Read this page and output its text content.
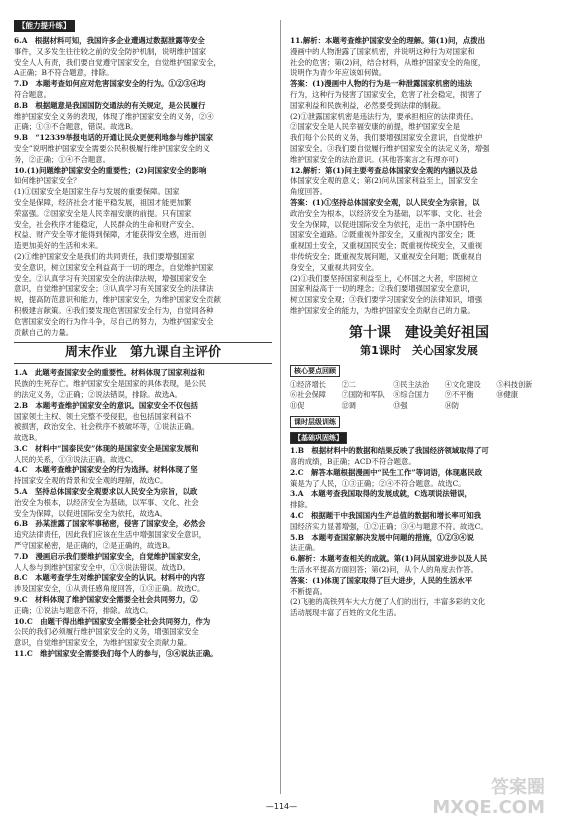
【能力提升练】

6.A　根据材料可知，我国许多企业遭遇过数据泄露等安全

事件，又多发生往往较之前的安全防护机制，说明维护国家

安全人人有责，我们要自觉遵守国家安全，自觉维护国家安全，

A正确；B不符合题意，排除。

7.D　本题考查如何应对危害国家安全的行为。①②③④均

符合题意。

8.B　根据题意是我国国防交通法的有关规定，是公民履行

维护国家安全义务的表现，体现了维护国家安全的义务，②④

正确；①③不合题意，错误。故选B。

9.B　“12339举报电话的开通让民众更便利地参与维护国家

安全”说明维护国家安全需要公民积极履行维护国家安全的义

务，②正确；①④不合题意。

10.(1)问题维护国家安全的重要性；(2)问国家安全的影响

如何维护国家安全？

(1)①国家安全是国家生存与发展的重要保障。国家

安全是保障，经济社会才能平稳发展，祖国才能更加繁

荣富强。②国家安全是人民幸福安康的前提。只有国家

安全，社会秩序才能稳定，人民群众的生命和财产安全、

权益、财产安全等才能得到保障，才能获得安全感，进而创

造更加美好的生活和未来。

(2)①维护国家安全是我们的共同责任，我们要增强国家

安全意识，树立国家安全利益高于一切的理念，自觉维护国家

安全。②认真学习有关国家安全的法律法规，增强国家安全

意识，自觉维护国家安全；③认真学习有关国家安全的法律法

规，提高防范意识和能力，维护国家安全，为维护国家安全贡献

积极建言献策。④我们要发现危害国家安全行为，自觉同各种

危害国家安全的行为作斗争，尽自己的努力，为维护国家安全

贡献自己的力量。

周末作业　第九课自主评价

1.A　此题考查国家安全的重要性。材料体现了国家利益和

民族的生死存亡。维护国家安全是国家的具体表现，是公民

的法定义务，②正确；②说法错误，排除。故选A。

2.B　本题考查维护国家安全的意识。国家安全不仅包括

国家领土主权、领土完整不受侵犯，也包括国家利益不

被损害，政治安全、社会秩序不被破坏等，①说法正确。

故选B。

3.C　材料中“国泰民安”体现的是国家安全是国家发展和

人民的关系，①③说法正确。故选C。

4.C　本题考查维护国家安全的行为选择。材料体现了坚

持国家安全观的背景和安全观的理解，故选C。

5.A　坚持总体国家安全观要求以人民安全为宗旨，以政

治安全为根本，以经济安全为基础，以军事、文化、社会

安全为保障，以促进国际安全为依托，故选A。

6.B　孙某泄露了国家军事秘密，侵害了国家安全，必然会

追究法律责任，因此我们应该在生活中增强国家安全意识，

严守国家秘密，是正确的，②是正确的，故选B。

7.D　漫画启示我们要维护国家安全，自觉维护国家安全，

人人参与到维护国家安全中，①③说法错误。故选D。

8.C　本题考查学生对维护国家安全的认识。材料中的内容

涉及国家安全，①从责任感角度回答，①③正确。故选C。

9.C　材料体现了维护国家安全需要全社会共同努力，②

正确；①说法与题意不符，排除。故选C。

10.C　由题干得出维护国家安全需要全社会共同努力，作为

公民的我们必须履行维护国家安全的义务，增强国家安全

意识，自觉维护国家安全，为维护国家安全贡献力量。

11.C　维护国家安全需要我们每个人的参与，③④说法正确。

11.解析：本题考查维护国家安全的理解。第(1)问，点拨出

漫画中的人物泄露了国家机密，并说明这种行为对国家和

社会的危害；第(2)问，结合材料，从维护国家安全的角度，

说明作为青少年应该如何做。

答案：(1)漫画中人物的行为是一种泄露国家机密的违法

行为，这种行为侵害了国家安全，危害了社会稳定，损害了

国家利益和民族利益，必然要受到法律的制裁。

(2)①泄露国家机密是违法行为，要承担相应的法律责任。

②国家安全是人民幸福安康的前提，维护国家安全是

我们每个公民的义务，我们要增强国家安全意识，自觉维护

国家安全。③我们要自觉履行维护国家安全的法定义务，增强

维护国家安全的法治意识。(其他答案言之有理亦可)

12.解析：第(1)问主要考查总体国家安全观的内涵以及总

体国家安全观的意义；第(2)问从国家利益至上，国家安全

角度回答。

答案：(1)①坚持总体国家安全观，以人民安全为宗旨，以

政治安全为根本，以经济安全为基础，以军事、文化、社会

安全为保障，以促进国际安全为依托，走出一条中国特色

国家安全道路。②既重视外部安全，又重视内部安全；既

重视国土安全，又重视国民安全；既重视传统安全，又重视

非传统安全；既重视发展问题，又重视安全问题；既重视自

身安全，又重视共同安全。

(2)①我们要坚持国家利益至上，心怀国之大者，牢固树立

国家利益高于一切的理念；②我们要增强国家安全意识，

树立国家安全观；③我们要学习国家安全的法律知识，增强

维护国家安全的能力，为维护国家安全贡献自己的力量。

第十课　建设美好祖国

第1课时　关心国家发展

核心要点回顾
①经济增长	②二	③民主法治	④文化建设	⑤科技创新
⑥社会保障	⑦国防和军队	⑧综合国力	⑨不平衡	⑩健康
⑪促	⑫调	⑬强	⑭防
课时层级训练
【基础巩固练】

1.B　根据材料中的数据和结果反映了我国经济领域取得了可

喜的成绩，B正确；ACD不符合题意。

2.C　解答本题根据漫画中“民生工作”等词语，体现惠民政

策是为了人民，①③正确；②④不符合题意。故选C。

3.A　本题考查我国取得的发展成就，C选项说法错误，

排除。

4.C　根据题干中我国国内生产总值的数据和增长率可知我

国经济实力显著增强，①②正确；③④与题意不符。故选C。

5.B　本题考查国家解决发展中问题的措施，①②③④说

法正确。

6.解析：本题考查相关的成就。第(1)问从国家进步以及人民

生活水平提高方面回答；第(2)问，从个人的角度去作答。

答案：(1)体现了国家取得了巨大进步，人民的生活水平

不断提高。

(2)飞驰的高铁列车大大方便了人们的出行，丰富多彩的文化

活动展现丰富了百姓的文化生活。

—114—
答案圈 MXQE.COM
